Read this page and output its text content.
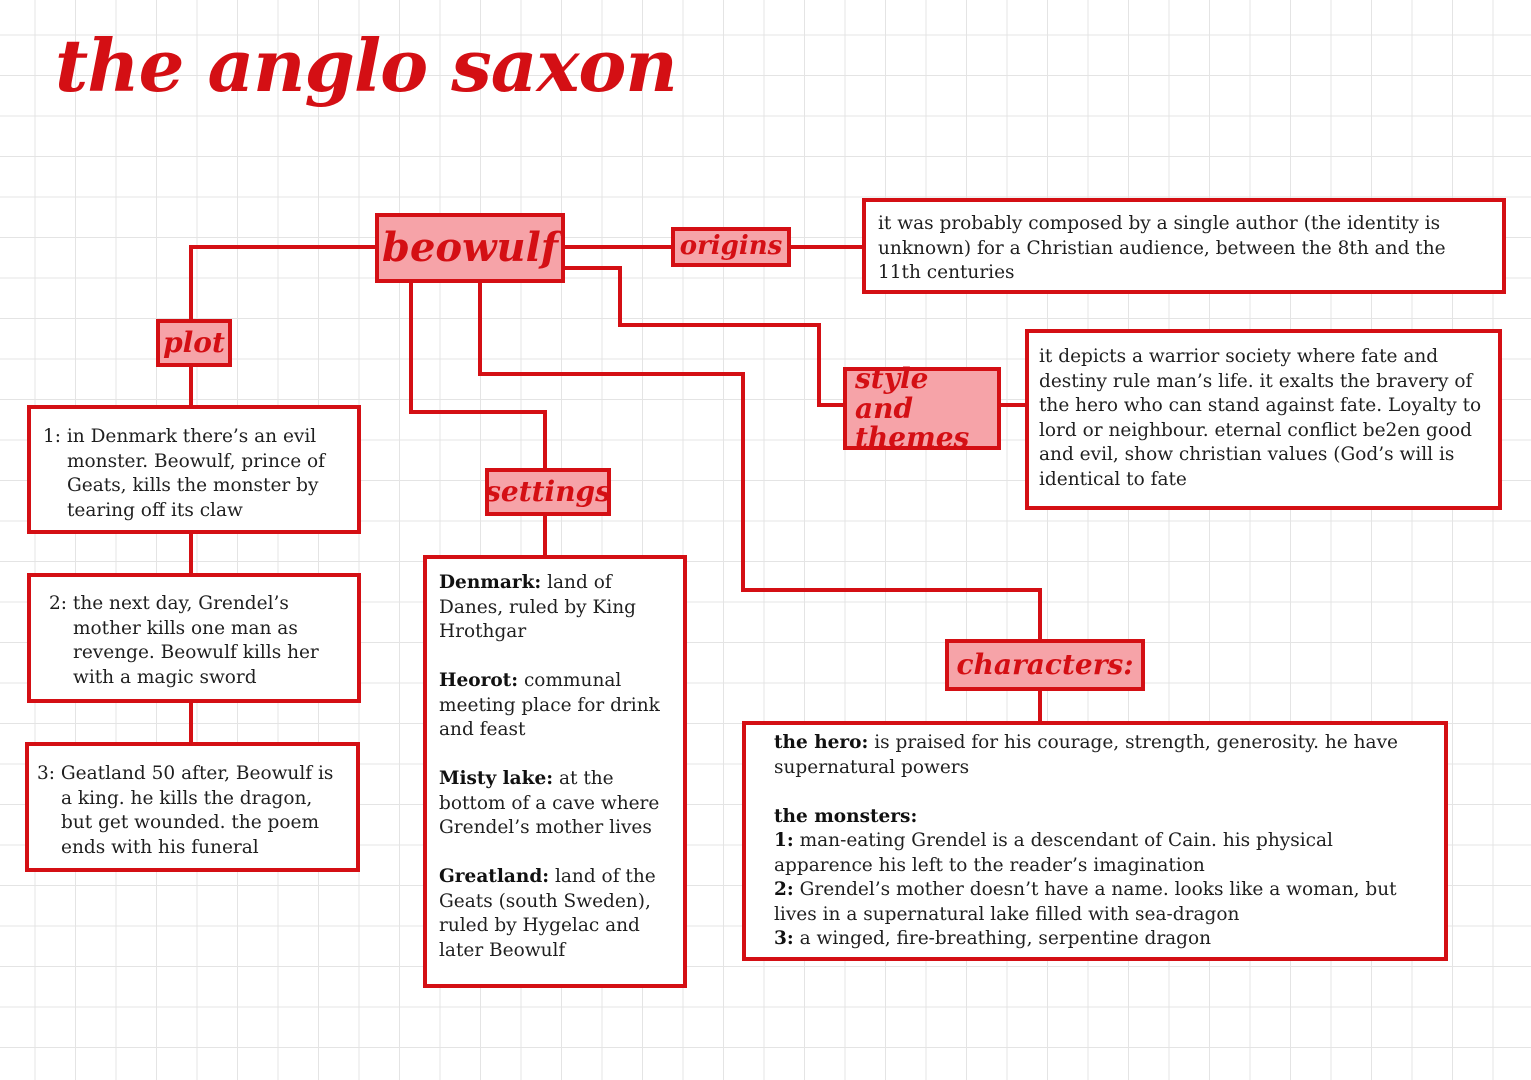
the anglo saxon
beowulf	origins
plot
settings
style and themes
characters:

it was probably composed by a single author (the identity is unknown) for a Christian audience, between the 8th and the 11th centuries

it depicts a warrior society where fate and destiny rule man’s life. it exalts the bravery of the hero who can stand against fate. Loyalty to lord or neighbour. eternal conflict be2en good and evil, show christian values (God’s will is identical to fate

1: in Denmark there’s an evil monster. Beowulf, prince of Geats, kills the monster by tearing off its claw

2: the next day, Grendel’s mother kills one man as revenge. Beowulf kills her with a magic sword

3: Geatland 50 after, Beowulf is a king. he kills the dragon, but get wounded. the poem ends with his funeral

Denmark: land of Danes, ruled by King Hrothgar

Heorot: communal meeting place for drink and feast

Misty lake: at the bottom of a cave where Grendel’s mother lives

Greatland: land of the Geats (south Sweden), ruled by Hygelac and later Beowulf

the hero: is praised for his courage, strength, generosity. he have supernatural powers

the monsters:

1: man-eating Grendel is a descendant of Cain. his physical apparence his left to the reader’s imagination

2: Grendel’s mother doesn’t have a name. looks like a woman, but lives in a supernatural lake filled with sea-dragon

3: a winged, fire-breathing, serpentine dragon
